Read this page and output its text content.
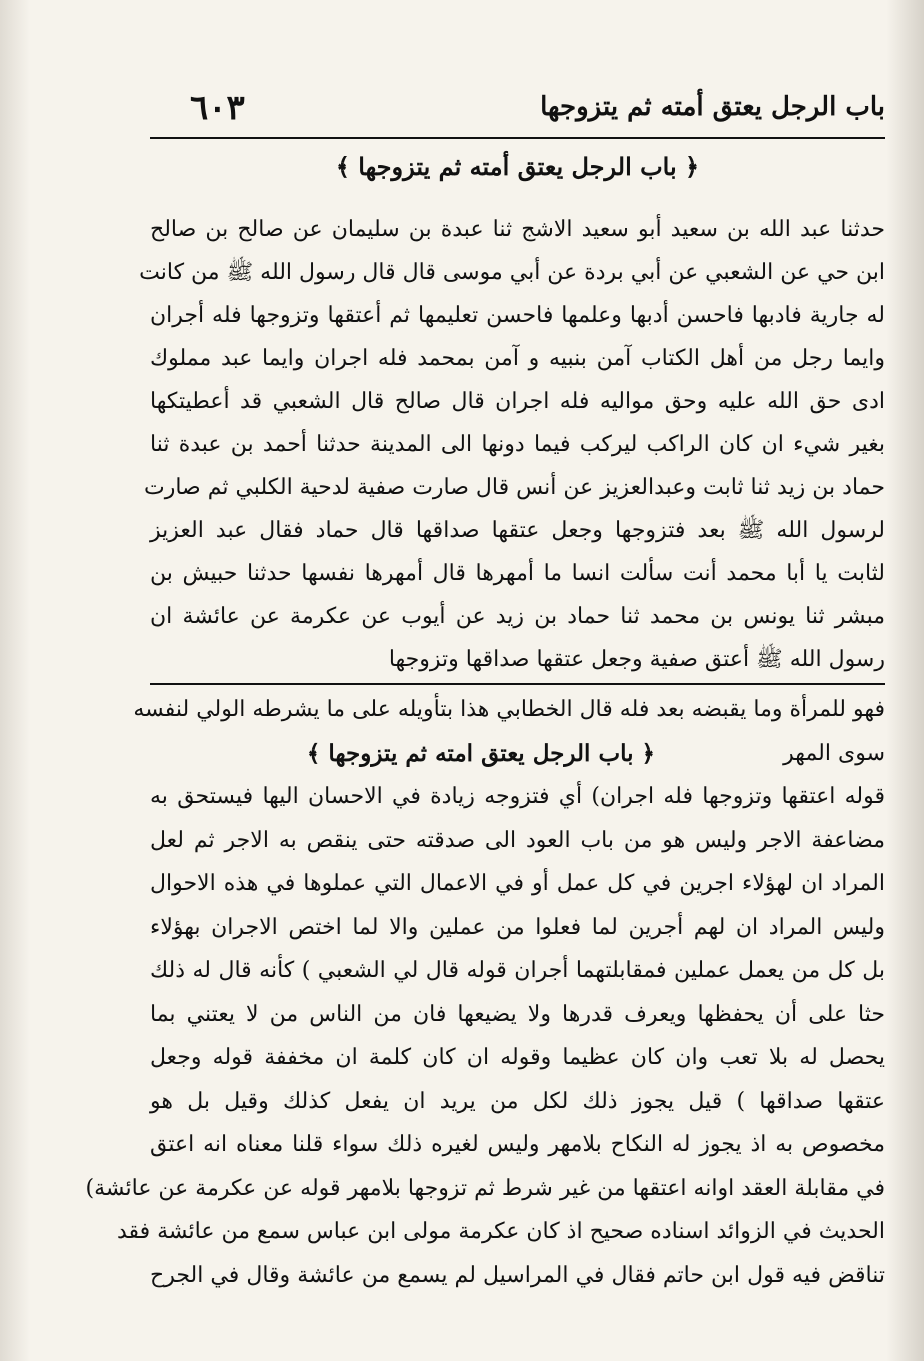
باب الرجل يعتق أمته ثم يتزوجها
٦٠٣
﴿ باب الرجل يعتق أمته ثم يتزوجها ﴾
حدثنا عبد الله بن سعيد أبو سعيد الاشج ثنا عبدة بن سليمان عن صالح بن صالح
ابن حي عن الشعبي عن أبي بردة عن أبي موسى قال قال رسول الله ﷺ من كانت
له جارية فادبها فاحسن أدبها وعلمها فاحسن تعليمها ثم أعتقها وتزوجها فله أجران
وايما رجل من أهل الكتاب آمن بنبيه و آمن بمحمد فله اجران وايما عبد مملوك
ادى حق الله عليه وحق مواليه فله اجران قال صالح قال الشعبي قد أعطيتكها
بغير شيء ان كان الراكب ليركب فيما دونها الى المدينة حدثنا أحمد بن عبدة ثنا
حماد بن زيد ثنا ثابت وعبدالعزيز عن أنس قال صارت صفية لدحية الكلبي ثم صارت
لرسول الله ﷺ بعد فتزوجها وجعل عتقها صداقها قال حماد فقال عبد العزيز
لثابت يا أبا محمد أنت سألت انسا ما أمهرها قال أمهرها نفسها حدثنا حبيش بن
مبشر ثنا يونس بن محمد ثنا حماد بن زيد عن أيوب عن عكرمة عن عائشة ان
رسول الله ﷺ أعتق صفية وجعل عتقها صداقها وتزوجها
فهو للمرأة وما يقبضه بعد فله قال الخطابي هذا بتأويله على ما يشرطه الولي لنفسه
سوى المهر
قوله اعتقها وتزوجها فله اجران) أي فتزوجه زيادة في الاحسان اليها فيستحق به
مضاعفة الاجر وليس هو من باب العود الى صدقته حتى ينقص به الاجر ثم لعل
المراد ان لهؤلاء اجرين في كل عمل أو في الاعمال التي عملوها في هذه الاحوال
وليس المراد ان لهم أجرين لما فعلوا من عملين والا لما اختص الاجران بهؤلاء
بل كل من يعمل عملين فمقابلتهما أجران قوله قال لي الشعبي ) كأنه قال له ذلك
حثا على أن يحفظها ويعرف قدرها ولا يضيعها فان من الناس من لا يعتني بما
يحصل له بلا تعب وان كان عظيما وقوله ان كان كلمة ان مخففة قوله وجعل
عتقها صداقها ) قيل يجوز ذلك لكل من يريد ان يفعل كذلك وقيل بل هو
مخصوص به اذ يجوز له النكاح بلامهر وليس لغيره ذلك سواء قلنا معناه انه اعتق
في مقابلة العقد اوانه اعتقها من غير شرط ثم تزوجها بلامهر قوله عن عكرمة عن عائشة)
الحديث في الزوائد اسناده صحيح اذ كان عكرمة مولى ابن عباس سمع من عائشة فقد
تناقض فيه قول ابن حاتم فقال في المراسيل لم يسمع من عائشة وقال في الجرح
﴿ باب الرجل يعتق امته ثم يتزوجها ﴾
